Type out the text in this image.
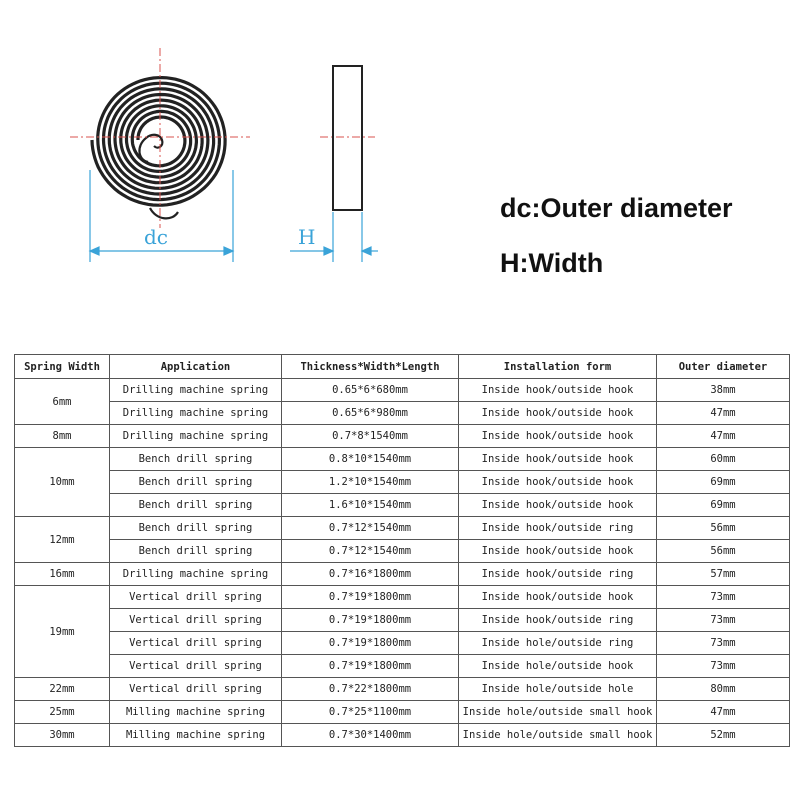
dc	H
dc:Outer diameter
H:Width
Spring Width	Application	Thickness*Width*Length	Installation form	Outer diameter
6mm	Drilling machine spring	0.65*6*680mm	Inside hook/outside hook	38mm
	Drilling machine spring	0.65*6*980mm	Inside hook/outside hook	47mm
8mm	Drilling machine spring	0.7*8*1540mm	Inside hook/outside hook	47mm
10mm	Bench drill spring	0.8*10*1540mm	Inside hook/outside hook	60mm
	Bench drill spring	1.2*10*1540mm	Inside hook/outside hook	69mm
	Bench drill spring	1.6*10*1540mm	Inside hook/outside hook	69mm
12mm	Bench drill spring	0.7*12*1540mm	Inside hook/outside ring	56mm
	Bench drill spring	0.7*12*1540mm	Inside hook/outside hook	56mm
16mm	Drilling machine spring	0.7*16*1800mm	Inside hook/outside ring	57mm
19mm	Vertical drill spring	0.7*19*1800mm	Inside hook/outside hook	73mm
	Vertical drill spring	0.7*19*1800mm	Inside hook/outside ring	73mm
	Vertical drill spring	0.7*19*1800mm	Inside hole/outside ring	73mm
	Vertical drill spring	0.7*19*1800mm	Inside hole/outside hook	73mm
22mm	Vertical drill spring	0.7*22*1800mm	Inside hole/outside hole	80mm
25mm	Milling machine spring	0.7*25*1100mm	Inside hole/outside small hook	47mm
30mm	Milling machine spring	0.7*30*1400mm	Inside hole/outside small hook	52mm
